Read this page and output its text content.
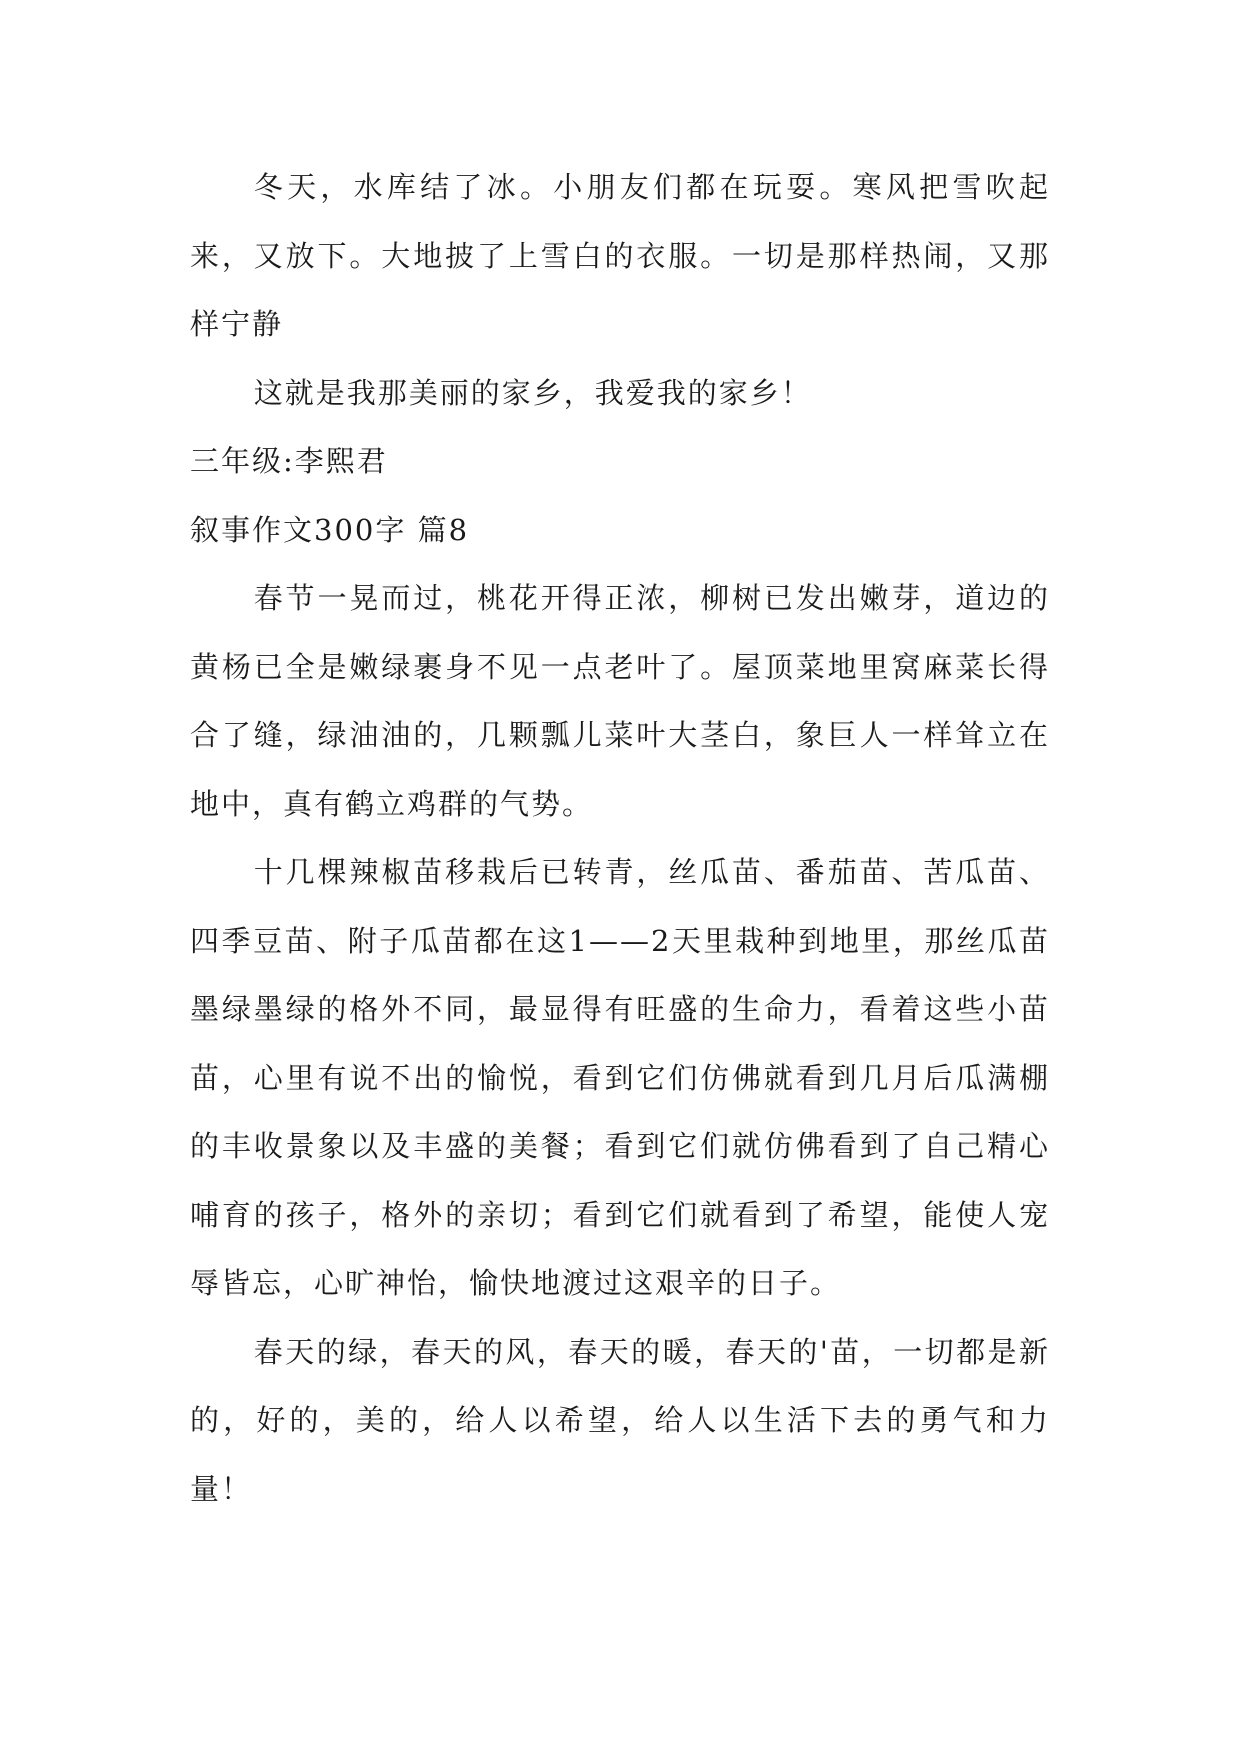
冬天，水库结了冰。小朋友们都在玩耍。寒风把雪吹起来，又放下。大地披了上雪白的衣服。一切是那样热闹，又那样宁静

这就是我那美丽的家乡，我爱我的家乡！

三年级:李熙君

叙事作文300字 篇8

春节一晃而过，桃花开得正浓，柳树已发出嫩芽，道边的黄杨已全是嫩绿裹身不见一点老叶了。屋顶菜地里窝麻菜长得合了缝，绿油油的，几颗瓢儿菜叶大茎白，象巨人一样耸立在地中，真有鹤立鸡群的气势。

十几棵辣椒苗移栽后已转青，丝瓜苗、番茄苗、苦瓜苗、四季豆苗、附子瓜苗都在这1——2天里栽种到地里，那丝瓜苗墨绿墨绿的格外不同，最显得有旺盛的生命力，看着这些小苗苗，心里有说不出的愉悦，看到它们仿佛就看到几月后瓜满棚的丰收景象以及丰盛的美餐；看到它们就仿佛看到了自己精心哺育的孩子，格外的亲切；看到它们就看到了希望，能使人宠辱皆忘，心旷神怡，愉快地渡过这艰辛的日子。

春天的绿，春天的风，春天的暖，春天的'苗，一切都是新的，好的，美的，给人以希望，给人以生活下去的勇气和力量！
